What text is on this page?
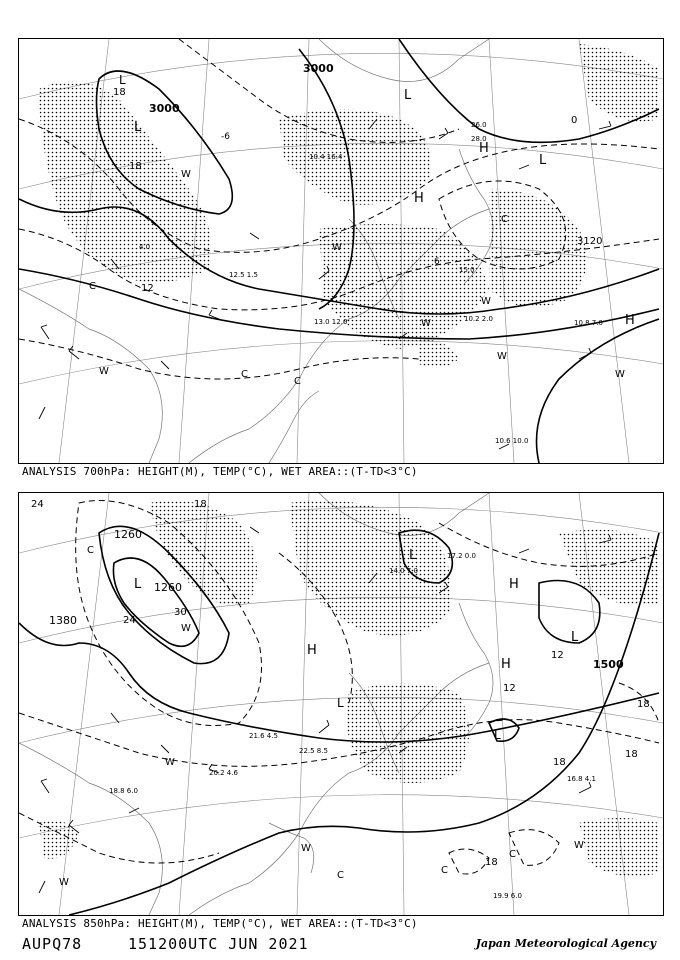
3000
3000
3120
L
L
L
L
H
H
H
W
W
W
W
W
W
W
C
C
C
C
18
18
12
0
-6
6
10.4 16.4
12.5 1.5
13.0 12.0	10.2 2.0	10.8 7.0
10.6 10.0
15.0
28.0
26.0
4.0
ANALYSIS 700hPa: HEIGHT(M), TEMP(°C), WET AREA::(T-TD<3°C)
1260
1260
1380
1500
L
L
L
L
L
H
H
H
W
W
W
W
W
C
C
C
C
24	18
30
24
12
12
18
18
18
18
22.5 8.5
20.2 4.6
16.8 4.1
19.9 6.0
17.2 0.0
21.6 4.5
18.8 6.0
14.0 7.0
ANALYSIS 850hPa: HEIGHT(M), TEMP(°C), WET AREA::(T-TD<3°C)
AUPQ78	151200UTC JUN 2021	Japan Meteorological Agency
